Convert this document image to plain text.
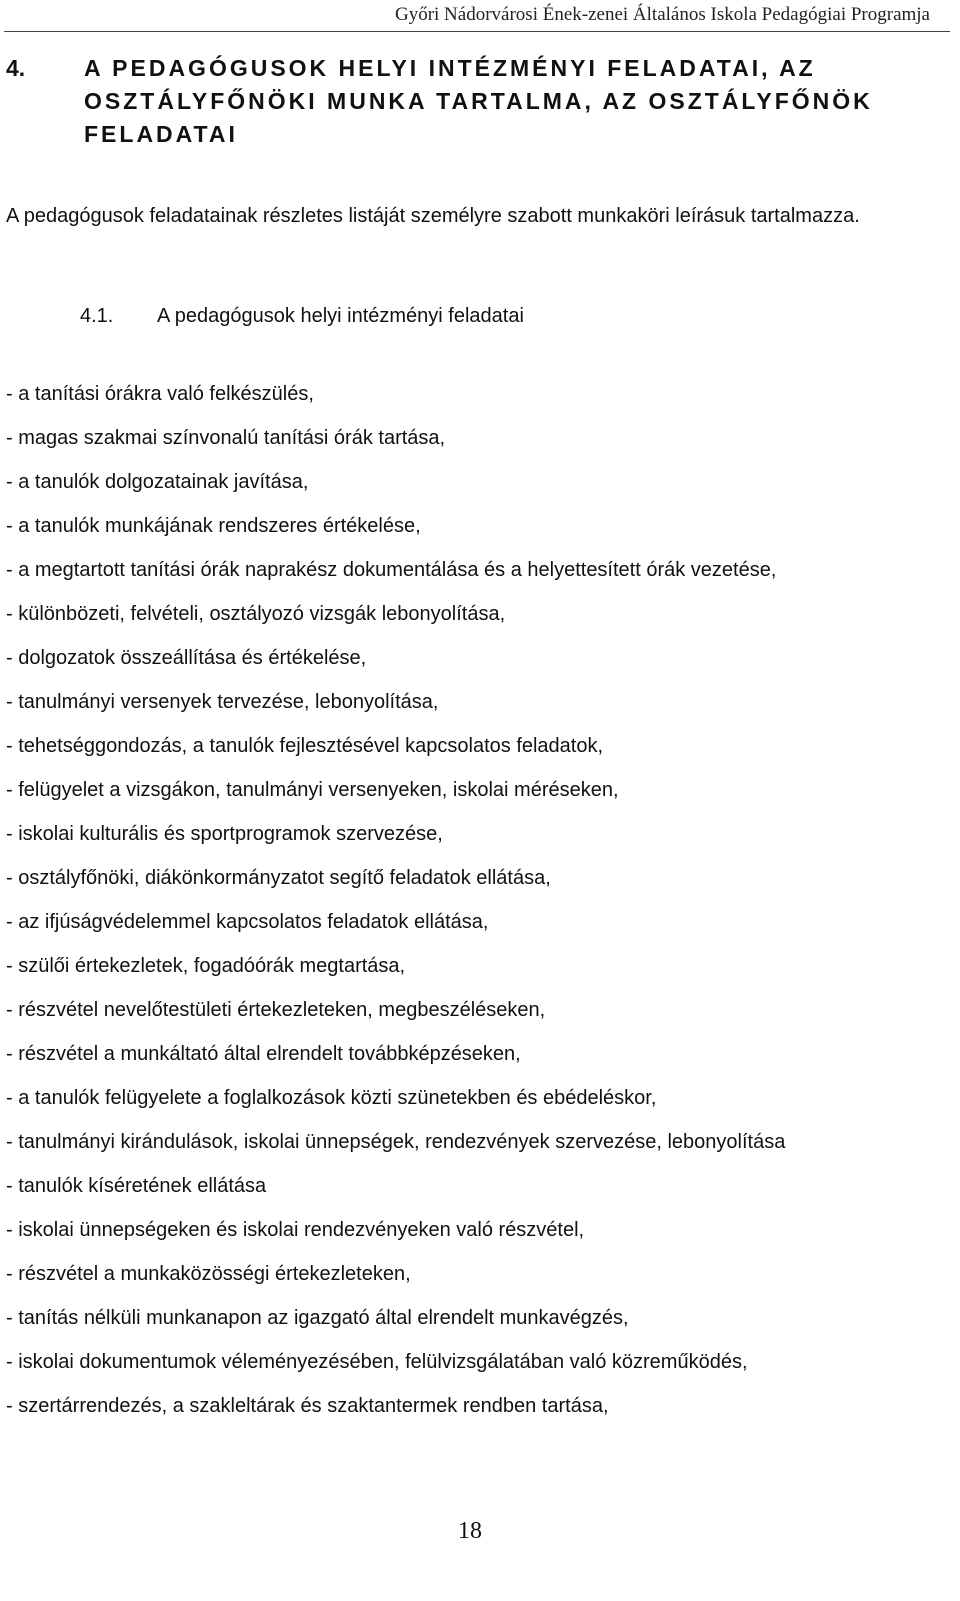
Győri Nádorvárosi Ének-zenei Általános Iskola Pedagógiai Programja
4.	A PEDAGÓGUSOK HELYI INTÉZMÉNYI FELADATAI, AZ OSZTÁLYFŐNÖKI MUNKA TARTALMA, AZ OSZTÁLYFŐNÖK FELADATAI

A pedagógusok feladatainak részletes listáját személyre szabott munkaköri leírásuk tartalmazza.

4.1.	A pedagógusok helyi intézményi feladatai
- a tanítási órákra való felkészülés,
- magas szakmai színvonalú tanítási órák tartása,
- a tanulók dolgozatainak javítása,
- a tanulók munkájának rendszeres értékelése,
- a megtartott tanítási órák naprakész dokumentálása és a helyettesített órák vezetése,
- különbözeti, felvételi, osztályozó vizsgák lebonyolítása,
- dolgozatok összeállítása és értékelése,
- tanulmányi versenyek tervezése, lebonyolítása,
- tehetséggondozás, a tanulók fejlesztésével kapcsolatos feladatok,
- felügyelet a vizsgákon, tanulmányi versenyeken, iskolai méréseken,
- iskolai kulturális és sportprogramok szervezése,
- osztályfőnöki, diákönkormányzatot segítő feladatok ellátása,
- az ifjúságvédelemmel kapcsolatos feladatok ellátása,
- szülői értekezletek, fogadóórák megtartása,
- részvétel nevelőtestületi értekezleteken, megbeszéléseken,
- részvétel a munkáltató által elrendelt továbbképzéseken,
- a tanulók felügyelete a foglalkozások közti szünetekben és ebédeléskor,
- tanulmányi kirándulások, iskolai ünnepségek, rendezvények szervezése, lebonyolítása
- tanulók kíséretének ellátása
- iskolai ünnepségeken és iskolai rendezvényeken való részvétel,
- részvétel a munkaközösségi értekezleteken,
- tanítás nélküli munkanapon az igazgató által elrendelt munkavégzés,
- iskolai dokumentumok véleményezésében, felülvizsgálatában való közreműködés,
- szertárrendezés, a szakleltárak és szaktantermek rendben tartása,
18
